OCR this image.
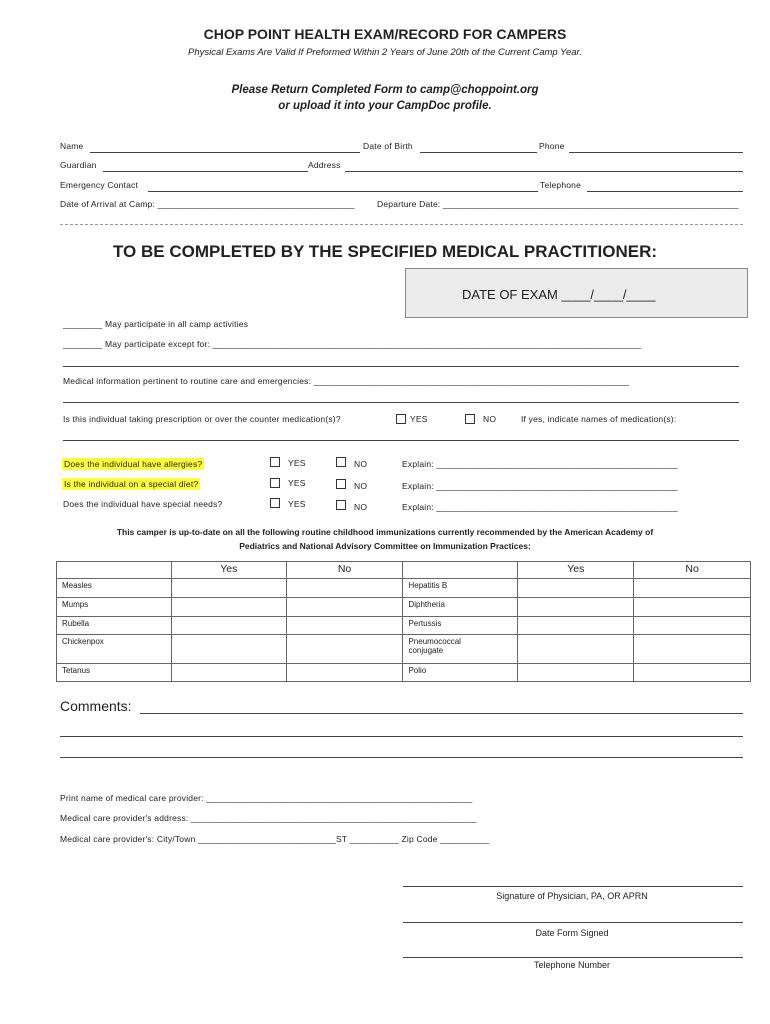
CHOP POINT HEALTH EXAM/RECORD FOR CAMPERS
Physical Exams Are Valid If Preformed Within 2 Years of June 20th of the Current Camp Year.
Please Return Completed Form to camp@choppoint.org
or upload it into your CampDoc profile.
Name	Date of Birth	Phone
Guardian	Address
Emergency Contact	Telephone
Date of Arrival at Camp: ________________________________________	Departure Date: ____________________________________________________________
TO BE COMPLETED BY THE SPECIFIED MEDICAL PRACTITIONER:
DATE OF EXAM ____/____/____
________ May participate in all camp activities
________ May participate except for: _______________________________________________________________________________________
Medical information pertinent to routine care and emergencies: ________________________________________________________________
Is this individual taking prescription or over the counter medication(s)?	YES	NO	If yes, indicate names of medication(s):
Does the individual have allergies?	YES	NO	Explain: _________________________________________________
Is the individual on a special diet?	YES	NO	Explain: _________________________________________________
Does the individual have special needs?	YES	NO	Explain: _________________________________________________
This camper is up-to-date on all the following routine childhood immunizations currently recommended by the American Academy of
Pediatrics and National Advisory Committee on Immunization Practices:
	Yes	No		Yes	No
Measles			Hepatitis B		
Mumps			Diphtheria		
Rubella			Pertussis		
Chickenpox			Pneumococcal
conjugate		

Tetanus			Polio		
Comments:
Print name of medical care provider: ______________________________________________________
Medical care provider's address: __________________________________________________________
Medical care provider's: City/Town ____________________________ST __________ Zip Code __________
Signature of Physician, PA, OR APRN
Date Form Signed
Telephone Number
